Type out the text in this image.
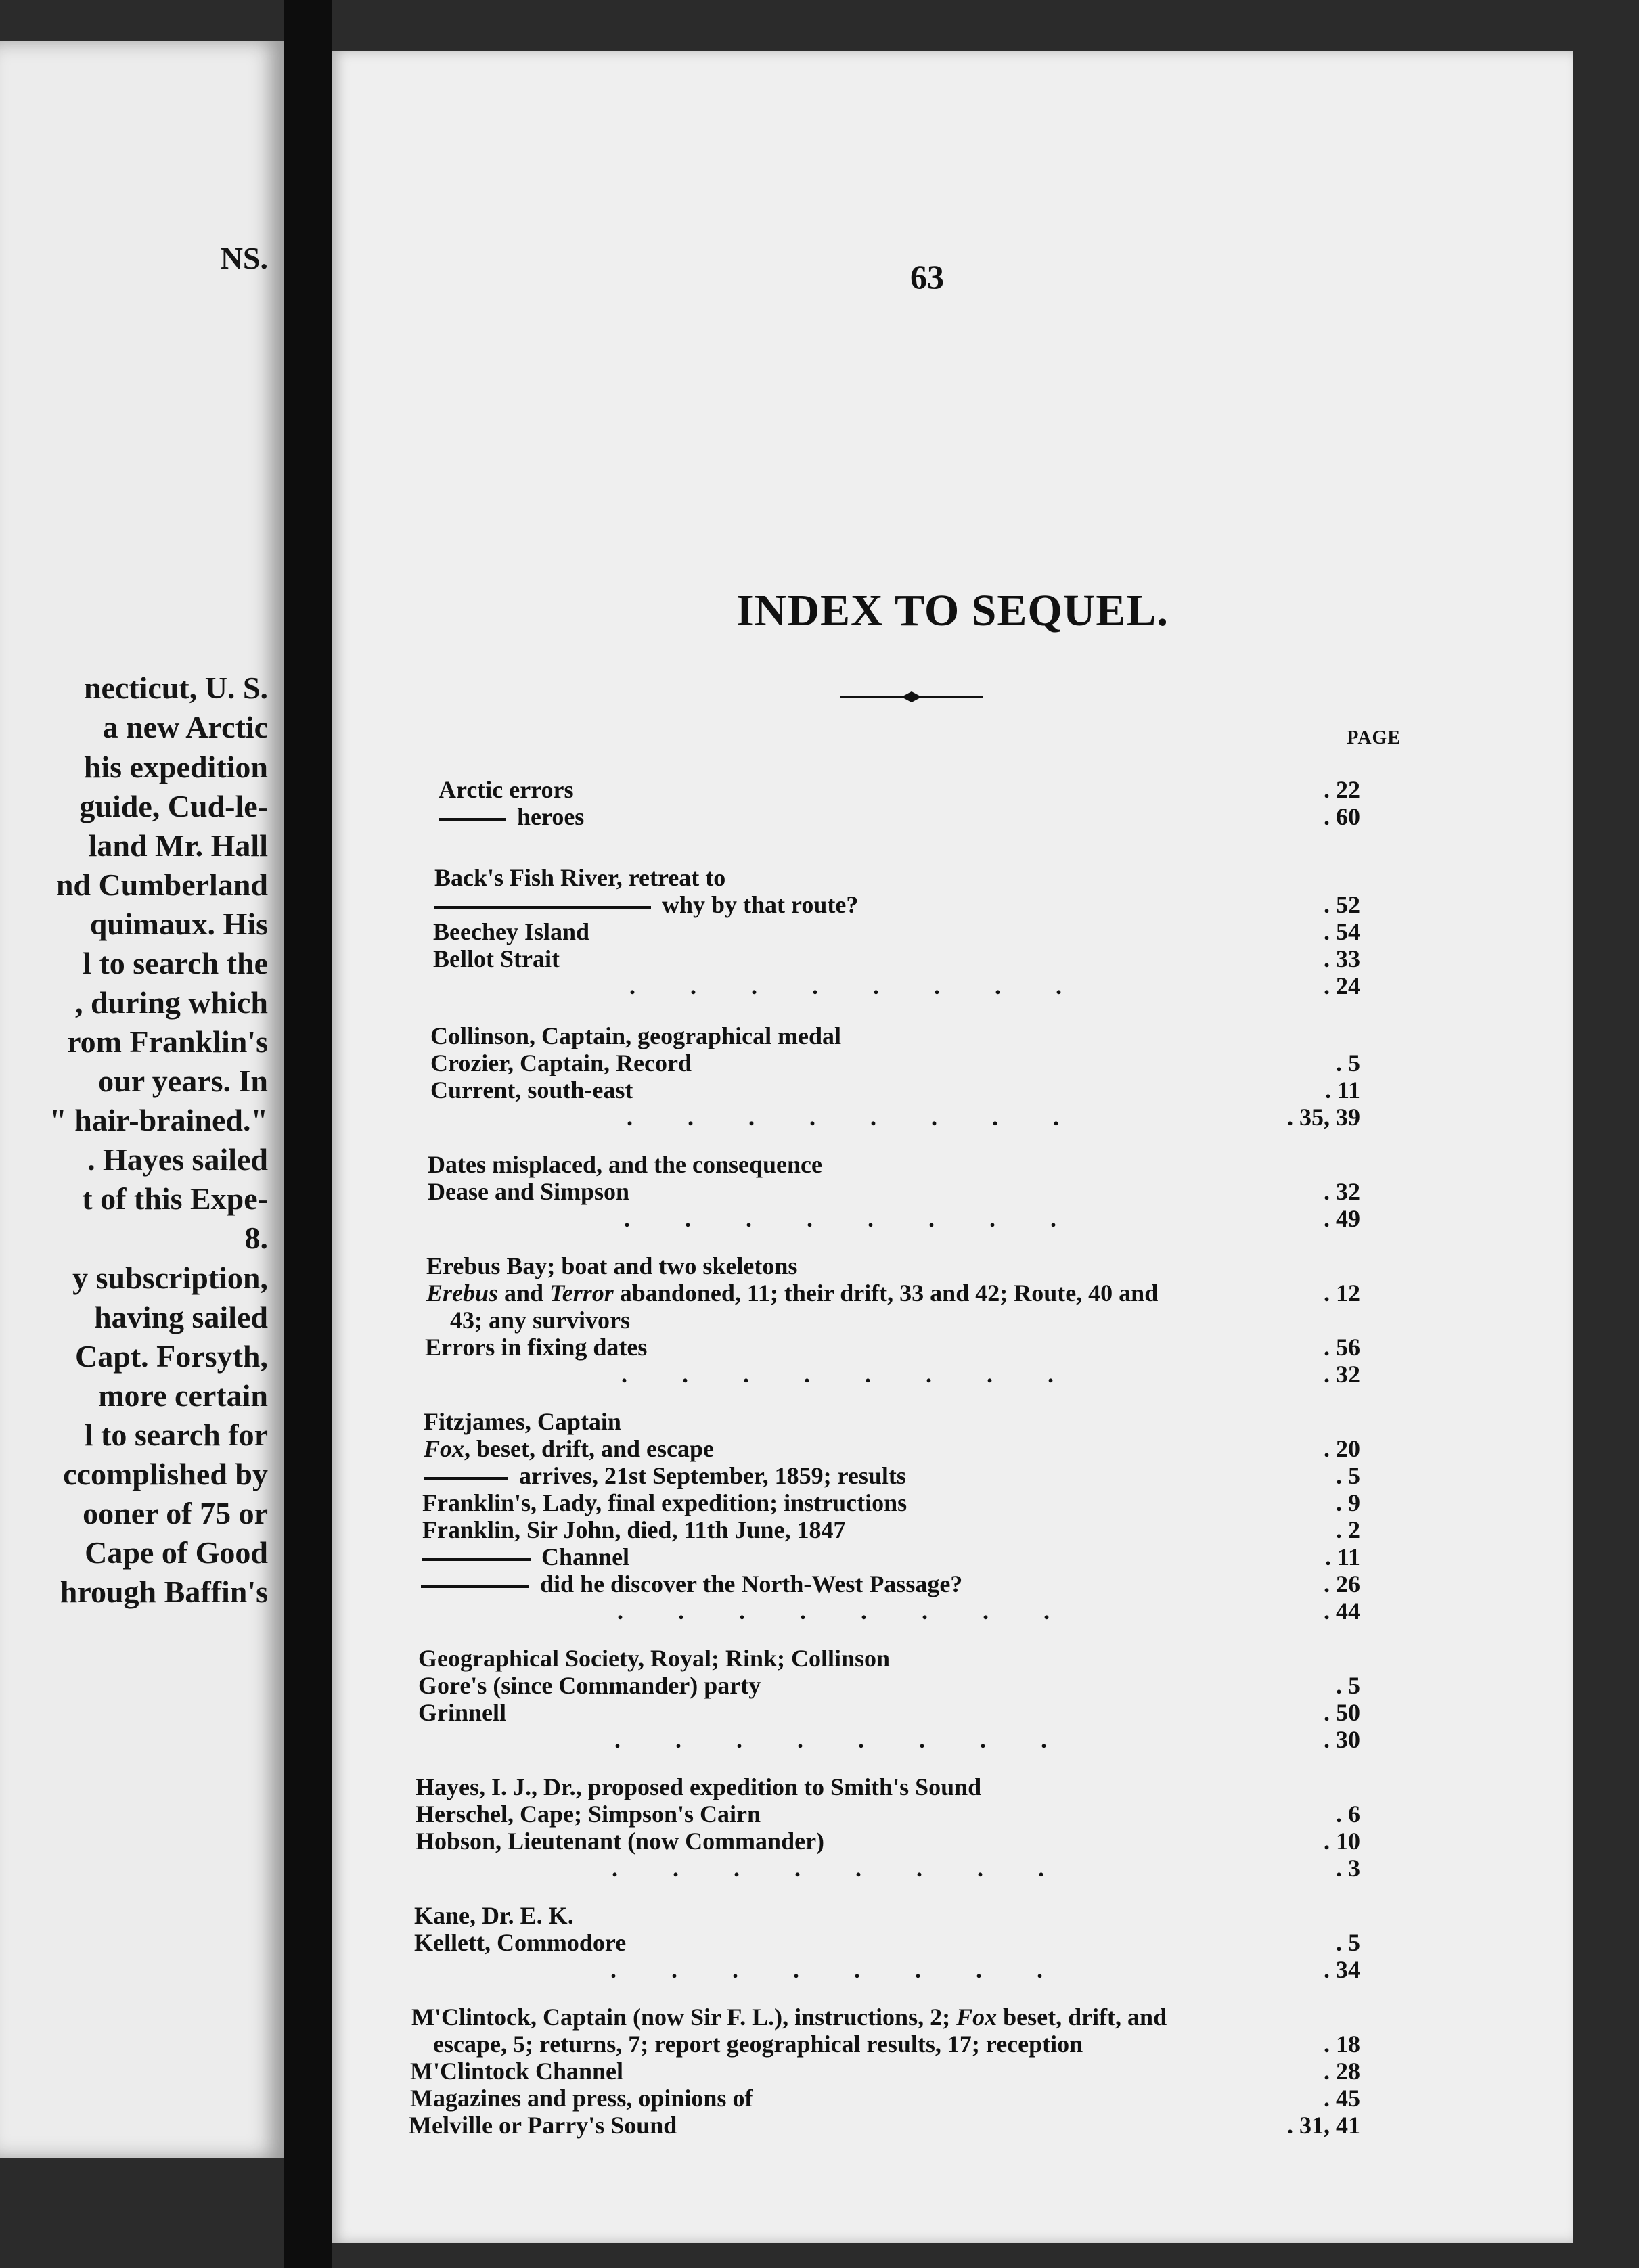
NS.
necticut, U. S.
a new Arctic
his expedition
guide, Cud-le-
land Mr. Hall
nd Cumberland
quimaux. His
l to search the
, during which
rom Franklin's
our years. In
" hair-brained."
. Hayes sailed
t of this Expe-
8.
y subscription,
having sailed
Capt. Forsyth,
more certain
l to search for
ccomplished by
ooner of 75 or
Cape of Good
hrough Baffin's
63
INDEX TO SEQUEL.
PAGE
Arctic errors	. 22
heroes	. 60
Back's Fish River, retreat to
why by that route?	. 52
Beechey Island	. 54
Bellot Strait	. 33
.         .         .         .         .         .         .         .	. 24
Collinson, Captain, geographical medal
Crozier, Captain, Record	. 5
Current, south-east	. 11
.         .         .         .         .         .         .         .	. 35, 39
Dates misplaced, and the consequence
Dease and Simpson	. 32
.         .         .         .         .         .         .         .	. 49
Erebus Bay; boat and two skeletons
Erebus and Terror abandoned, 11; their drift, 33 and 42; Route, 40 and	. 12
43; any survivors
Errors in fixing dates	. 56
.         .         .         .         .         .         .         .	. 32
Fitzjames, Captain
Fox, beset, drift, and escape	. 20
arrives, 21st September, 1859; results	. 5
Franklin's, Lady, final expedition; instructions	. 9
Franklin, Sir John, died, 11th June, 1847	. 2
Channel	. 11
did he discover the North-West Passage?	. 26
.         .         .         .         .         .         .         .	. 44
Geographical Society, Royal; Rink; Collinson
Gore's (since Commander) party	. 5
Grinnell	. 50
.         .         .         .         .         .         .         .	. 30
Hayes, I. J., Dr., proposed expedition to Smith's Sound
Herschel, Cape; Simpson's Cairn	. 6
Hobson, Lieutenant (now Commander)	. 10
.         .         .         .         .         .         .         .	. 3
Kane, Dr. E. K.
Kellett, Commodore	. 5
.         .         .         .         .         .         .         .	. 34
M'Clintock, Captain (now Sir F. L.), instructions, 2; Fox beset, drift, and
escape, 5; returns, 7; report geographical results, 17; reception	. 18
M'Clintock Channel	. 28
Magazines and press, opinions of	. 45
Melville or Parry's Sound	. 31, 41
